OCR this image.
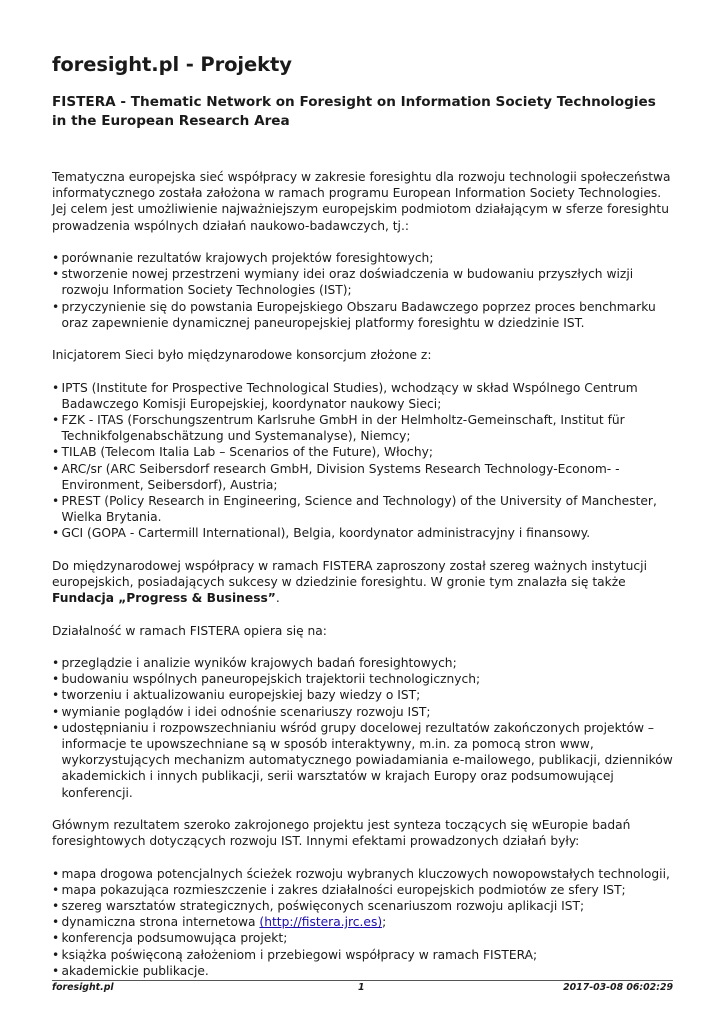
foresight.pl - Projekty
FISTERA - Thematic Network on Foresight on Information Society Technologies in the European Research Area

Tematyczna europejska sieć współpracy w zakresie foresightu dla rozwoju technologii społeczeństwa informatycznego została założona w ramach programu European Information Society Technologies. Jej celem jest umożliwienie najważniejszym europejskim podmiotom działającym w sferze foresightu prowadzenia wspólnych działań naukowo-badawczych, tj.:

• porównanie rezultatów krajowych projektów foresightowych;
• stworzenie nowej przestrzeni wymiany idei oraz doświadczenia w budowaniu przyszłych wizji rozwoju Information Society Technologies (IST);
• przyczynienie się do powstania Europejskiego Obszaru Badawczego poprzez proces benchmarku oraz zapewnienie dynamicznej paneuropejskiej platformy foresightu w dziedzinie IST.

Inicjatorem Sieci było międzynarodowe konsorcjum złożone z:

• IPTS (Institute for Prospective Technological Studies), wchodzący w skład Wspólnego Centrum Badawczego Komisji Europejskiej, koordynator naukowy Sieci;
• FZK - ITAS (Forschungszentrum Karlsruhe GmbH in der Helmholtz-Gemeinschaft, Institut für Technikfolgenabschätzung und Systemanalyse), Niemcy;
• TILAB (Telecom Italia Lab – Scenarios of the Future), Włochy;
• ARC/sr (ARC Seibersdorf research GmbH, Division Systems Research Technology-Econom- -Environment, Seibersdorf), Austria;
• PREST (Policy Research in Engineering, Science and Technology) of the University of Manchester, Wielka Brytania.
• GCI (GOPA - Cartermill International), Belgia, koordynator administracyjny i finansowy.

Do międzynarodowej współpracy w ramach FISTERA zaproszony został szereg ważnych instytucji europejskich, posiadających sukcesy w dziedzinie foresightu. W gronie tym znalazła się także Fundacja „Progress & Business”.

Działalność w ramach FISTERA opiera się na:

• przeglądzie i analizie wyników krajowych badań foresightowych;
• budowaniu wspólnych paneuropejskich trajektorii technologicznych;
• tworzeniu i aktualizowaniu europejskiej bazy wiedzy o IST;
• wymianie poglądów i idei odnośnie scenariuszy rozwoju IST;
• udostępnianiu i rozpowszechnianiu wśród grupy docelowej rezultatów zakończonych projektów – informacje te upowszechniane są w sposób interaktywny, m.in. za pomocą stron www, wykorzystujących mechanizm automatycznego powiadamiania e-mailowego, publikacji, dzienników akademickich i innych publikacji, serii warsztatów w krajach Europy oraz podsumowującej konferencji.

Głównym rezultatem szeroko zakrojonego projektu jest synteza toczących się wEuropie badań foresightowych dotyczących rozwoju IST. Innymi efektami prowadzonych działań były:

• mapa drogowa potencjalnych ścieżek rozwoju wybranych kluczowych nowopowstałych technologii,
• mapa pokazująca rozmieszczenie i zakres działalności europejskich podmiotów ze sfery IST;
• szereg warsztatów strategicznych, poświęconych scenariuszom rozwoju aplikacji IST;
• dynamiczna strona internetowa (http://fistera.jrc.es);
• konferencja podsumowująca projekt;
• książka poświęconą założeniom i przebiegowi współpracy w ramach FISTERA;
• akademickie publikacje.
foresight.pl	1	2017-03-08 06:02:29
